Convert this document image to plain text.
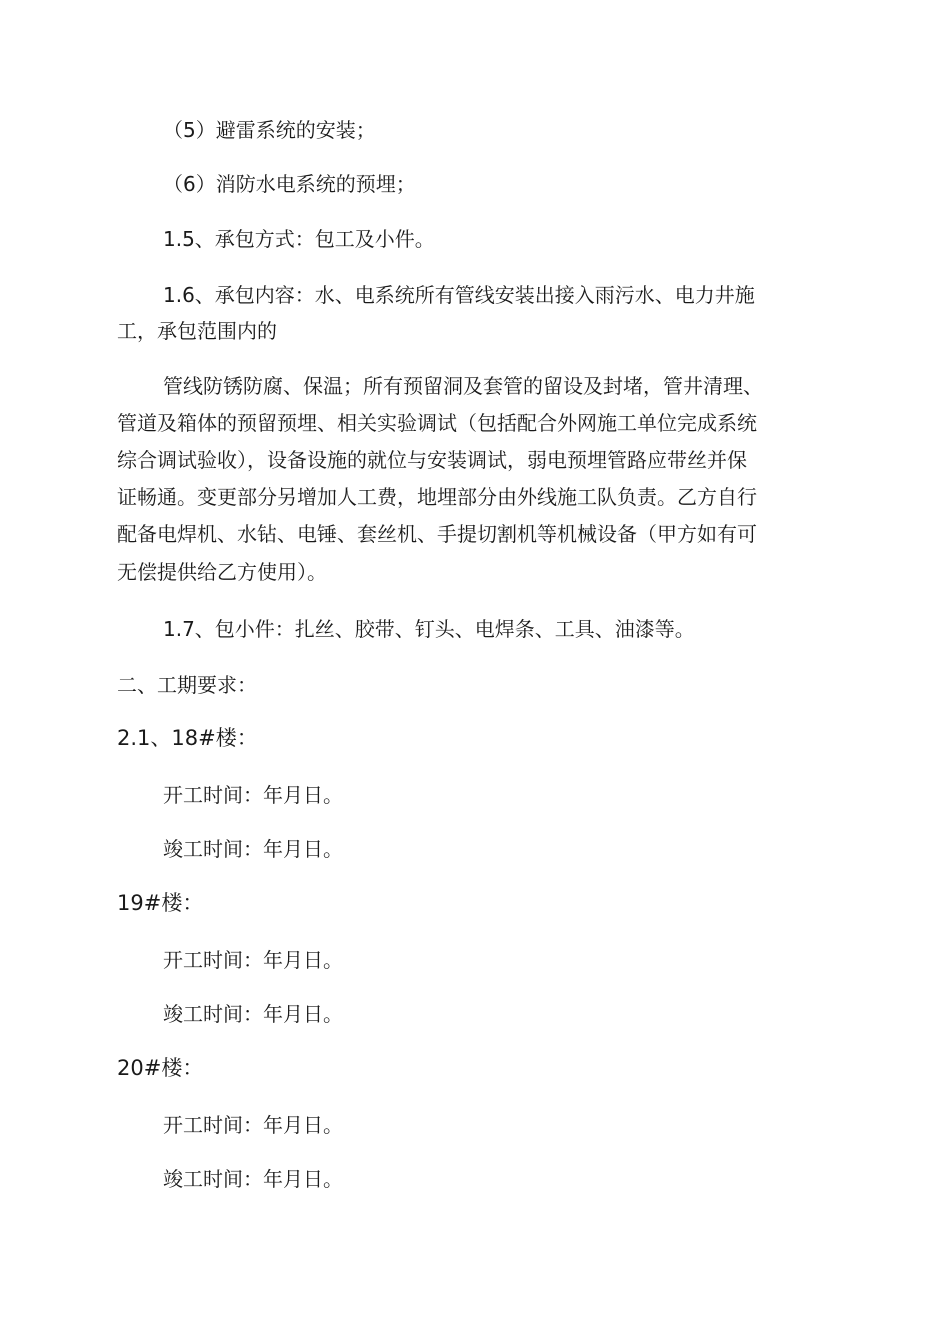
（5）避雷系统的安装；
（6）消防水电系统的预埋；
1.5、承包方式：包工及小件。
1.6、承包内容：水、电系统所有管线安装出接入雨污水、电力井施
工，承包范围内的
管线防锈防腐、保温；所有预留洞及套管的留设及封堵，管井清理、
管道及箱体的预留预埋、相关实验调试（包括配合外网施工单位完成系统
综合调试验收），设备设施的就位与安装调试，弱电预埋管路应带丝并保
证畅通。变更部分另增加人工费，地埋部分由外线施工队负责。乙方自行
配备电焊机、水钻、电锤、套丝机、手提切割机等机械设备（甲方如有可
无偿提供给乙方使用）。
1.7、包小件：扎丝、胶带、钉头、电焊条、工具、油漆等。
二、工期要求：
2.1、18#楼：
开工时间：年月日。
竣工时间：年月日。
19#楼：
开工时间：年月日。
竣工时间：年月日。
20#楼：
开工时间：年月日。
竣工时间：年月日。
